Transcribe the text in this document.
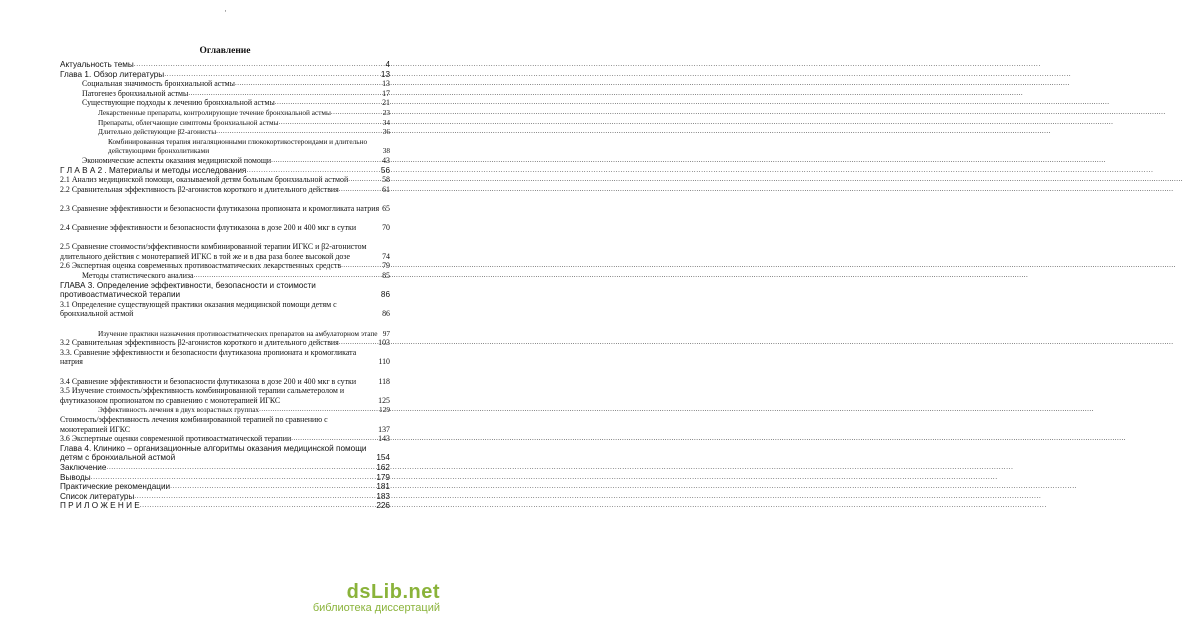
·
Оглавление
Актуальность темы .....	4
Глава 1. Обзор литературы .....	13
Социальная значимость бронхиальной астмы .....	13
Патогенез бронхиальной астмы .....	17
Существующие подходы к лечению бронхиальной астмы .....	21
Лекарственные препараты, контролирующие течение бронхиальной астмы .....	23
Препараты, облегчающие симптомы бронхиальной астмы .....	34
Длительно действующие β2-агонисты .....	36
Комбинированная терапия ингаляционными глюкокортикостероидами и длительно действующими бронхолитиками	38
Экономические аспекты оказания медицинской помощи .....	43
Г Л А В А 2 . Материалы и методы исследования .....	56
2.1 Анализ медицинской помощи, оказываемой детям больным бронхиальной астмой .....	58
2.2 Сравнительная эффективность β2-агонистов короткого и длительного действия .....	61
2.3 Сравнение эффективности и безопасности флутиказона пропионата и кромогликата натрия 65
2.4 Сравнение эффективности и безопасности флутиказона в дозе 200 и 400 мкг в сутки	70
2.5 Сравнение стоимости/эффективности комбинированной терапии ИГКС и β2-агонистом длительного действия с монотерапией ИГКС в той же и в два раза более высокой дозе	74
2.6 Экспертная оценка современных противоастматических лекарственных средств .....	79
Методы статистического анализа .....	85
ГЛАВА 3. Определение эффективности, безопасности и стоимости противоастматической терапии	86
3.1 Определение существующей практики оказания медицинской помощи детям с бронхиальной астмой	86
Изучение практики назначения противоастматических препаратов на амбулаторном этапе 97
3.2 Сравнительная эффективность β2-агонистов короткого и длительного действия .....	103
3.3. Сравнение эффективности и безопасности флутиказона пропионата и кромогликата натрия	110
3.4 Сравнение эффективности и безопасности флутиказона в дозе 200 и 400 мкг в сутки	118
3.5 Изучение стоимость/эффективность комбинированной терапии сальметеролом и флутиказоном пропионатом по сравнению с монотерапией ИГКС	125
Эффективность лечения в двух возрастных группах .....	129
Стоимость/эффективность лечения комбинированной терапией по сравнению с монотерапией ИГКС	137
3.6 Экспертные оценки современной противоастматической терапии .....	143
Глава 4. Клинико – организационные алгоритмы оказания медицинской помощи детям с бронхиальной астмой	154
Заключение .....	162
Выводы .....	179
Практические рекомендации .....	181
Список литературы .....	183
П Р И Л О Ж Е Н И Е .....	226
dsLib.net
библиотека диссертаций
